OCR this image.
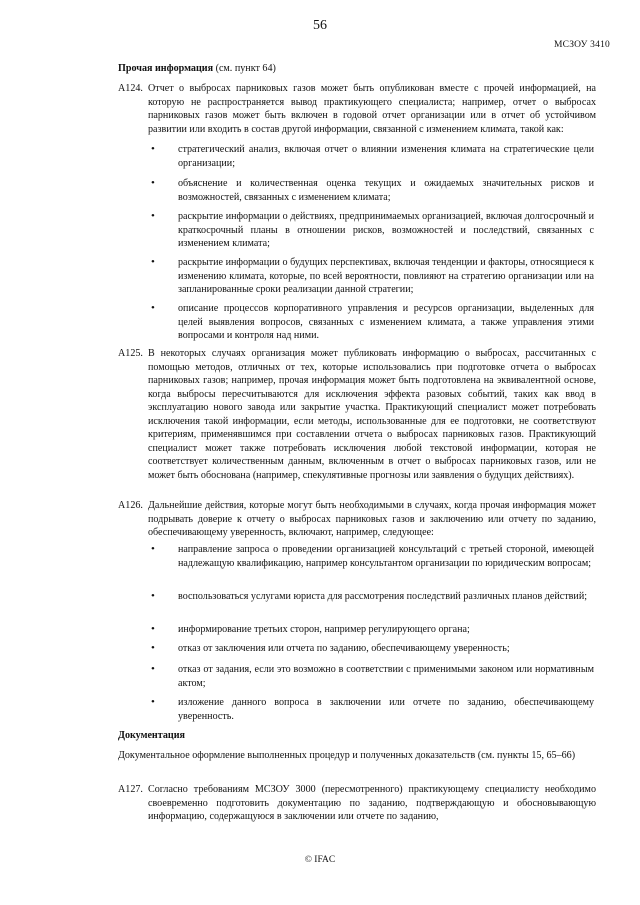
56
МСЗОУ 3410
Прочая информация (см. пункт 64)
А124. Отчет о выбросах парниковых газов может быть опубликован вместе с прочей информацией, на которую не распространяется вывод практикующего специалиста; например, отчет о выбросах парниковых газов может быть включен в годовой отчет организации или в отчет об устойчивом развитии или входить в состав другой информации, связанной с изменением климата, такой как:
• стратегический анализ, включая отчет о влиянии изменения климата на стратегические цели организации;
• объяснение и количественная оценка текущих и ожидаемых значительных рисков и возможностей, связанных с изменением климата;
• раскрытие информации о действиях, предпринимаемых организацией, включая долгосрочный и краткосрочный планы в отношении рисков, возможностей и последствий, связанных с изменением климата;
• раскрытие информации о будущих перспективах, включая тенденции и факторы, относящиеся к изменению климата, которые, по всей вероятности, повлияют на стратегию организации или на запланированные сроки реализации данной стратегии;
• описание процессов корпоративного управления и ресурсов организации, выделенных для целей выявления вопросов, связанных с изменением климата, а также управления этими вопросами и контроля над ними.
А125. В некоторых случаях организация может публиковать информацию о выбросах, рассчитанных с помощью методов, отличных от тех, которые использовались при подготовке отчета о выбросах парниковых газов; например, прочая информация может быть подготовлена на эквивалентной основе, когда выбросы пересчитываются для исключения эффекта разовых событий, таких как ввод в эксплуатацию нового завода или закрытие участка. Практикующий специалист может потребовать исключения такой информации, если методы, использованные для ее подготовки, не соответствуют критериям, применявшимся при составлении отчета о выбросах парниковых газов. Практикующий специалист может также потребовать исключения любой текстовой информации, которая не соответствует количественным данным, включенным в отчет о выбросах парниковых газов, или не может быть обоснована (например, спекулятивные прогнозы или заявления о будущих действиях).
А126. Дальнейшие действия, которые могут быть необходимыми в случаях, когда прочая информация может подрывать доверие к отчету о выбросах парниковых газов и заключению или отчету по заданию, обеспечивающему уверенность, включают, например, следующее:
• направление запроса о проведении организацией консультаций с третьей стороной, имеющей надлежащую квалификацию, например консультантом организации по юридическим вопросам;
• воспользоваться услугами юриста для рассмотрения последствий различных планов действий;
• информирование третьих сторон, например регулирующего органа;
• отказ от заключения или отчета по заданию, обеспечивающему уверенность;
• отказ от задания, если это возможно в соответствии с применимыми законом или нормативным актом;
• изложение данного вопроса в заключении или отчете по заданию, обеспечивающему уверенность.
Документация
Документальное оформление выполненных процедур и полученных доказательств (см. пункты 15, 65–66)
А127. Согласно требованиям МСЗОУ 3000 (пересмотренного) практикующему специалисту необходимо своевременно подготовить документацию по заданию, подтверждающую и обосновывающую информацию, содержащуюся в заключении или отчете по заданию,
© IFAC
